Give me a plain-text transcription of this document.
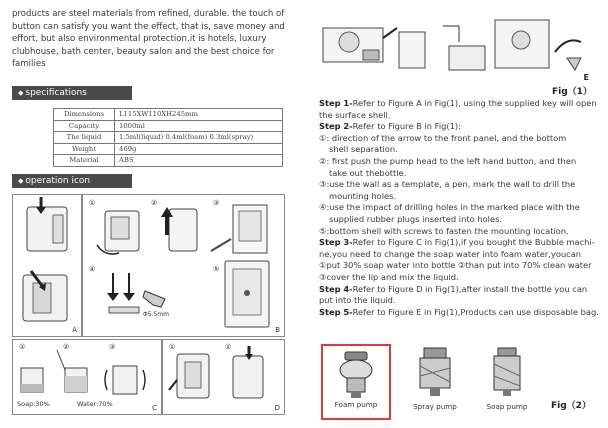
products are steel materials from refined, durable. the touch of
button can satisfy you want the effect, that is, save money and
effort, but also environmental protection.it is hotels, luxury
clubhouse, bath center, beauty salon and the best choice for
families
◆ specifications
Dimensions	L115XW110XH245mm
Capacity	1000ml
The liquid	1.5ml(liquid) 0.4ml(foam) 0.3ml(spray)
Weight	469g
Material	ABS
◆ operation icon
A
①	②	③
④	⑤
Φ5.5mm
B
①	②	③
Soap:30%	Water:70%	C
①	②
D
E
Fig（1）
Step 1-Refer to Figure A in Fig(1), using the supplied key will open
the surface shell.
Step 2-Refer to Figure B in Fig(1):
①: direction of the arrow to the front panel, and the bottom
shell separation.
②: first push the pump head to the left hand button, and then
take out thebottle.
③:use the wall as a template, a pen, mark the wall to drill the
mounting holes.
④:use the impact of drilling holes in the marked place with the
supplied rubber plugs inserted into holes.
⑤:bottom shell with screws to fasten the mounting location.
Step 3-Refer to Figure C in Fig(1),if you bought the Bubble machi-
ne,you need to change the soap water into foam water,youcan
①put 30% soap water into bottle ②than put into 70% clean water
③cover the lip and mix the liquid.
Step 4-Refer to Figure D in Fig(1),after install the bottle you can
put into the liquid.
Step 5-Refer to Figure E in Fig(1),Products can use disposable bag.
Foam pump	Spray pump	Soap pump	Fig（2）
